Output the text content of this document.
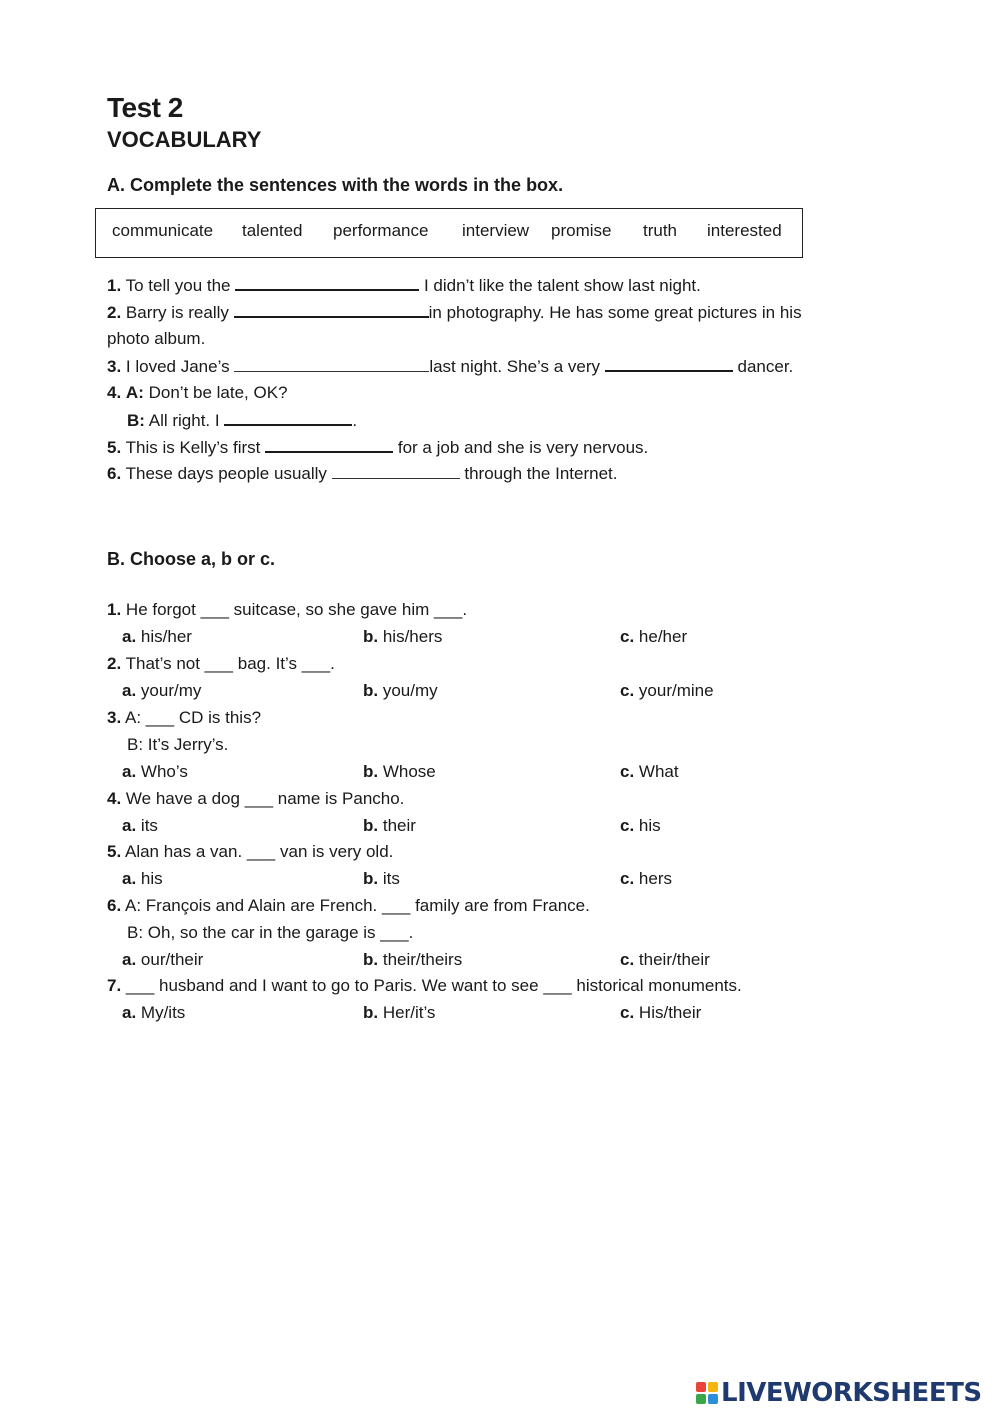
Test 2
VOCABULARY
A. Complete the sentences with the words in the box.
communicate talented performance interview promise truth interested
1. To tell you the	I didn’t like the talent show last night.
2. Barry is really	in photography. He has some great pictures in his
photo album.
3. I loved Jane’s	last night. She’s a very	dancer.
4. A: Don’t be late, OK?
B: All right. I	.
5. This is Kelly’s first	for a job and she is very nervous.
6. These days people usually	through the Internet.
B. Choose a, b or c.
1. He forgot ___ suitcase, so she gave him ___.
a. his/her	b. his/hers	c. he/her
2. That’s not ___ bag. It’s ___.
a. your/my	b. you/my	c. your/mine
3. A: ___ CD is this?
B: It’s Jerry’s.
a. Who’s	b. Whose	c. What
4. We have a dog ___ name is Pancho.
a. its	b. their	c. his
5. Alan has a van. ___ van is very old.
a. his	b. its	c. hers
6. A: François and Alain are French. ___ family are from France.
B: Oh, so the car in the garage is ___.
a. our/their	b. their/theirs	c. their/their
7. ___ husband and I want to go to Paris. We want to see ___ historical monuments.
a. My/its	b. Her/it’s	c. His/their
LIVEWORKSHEETS
